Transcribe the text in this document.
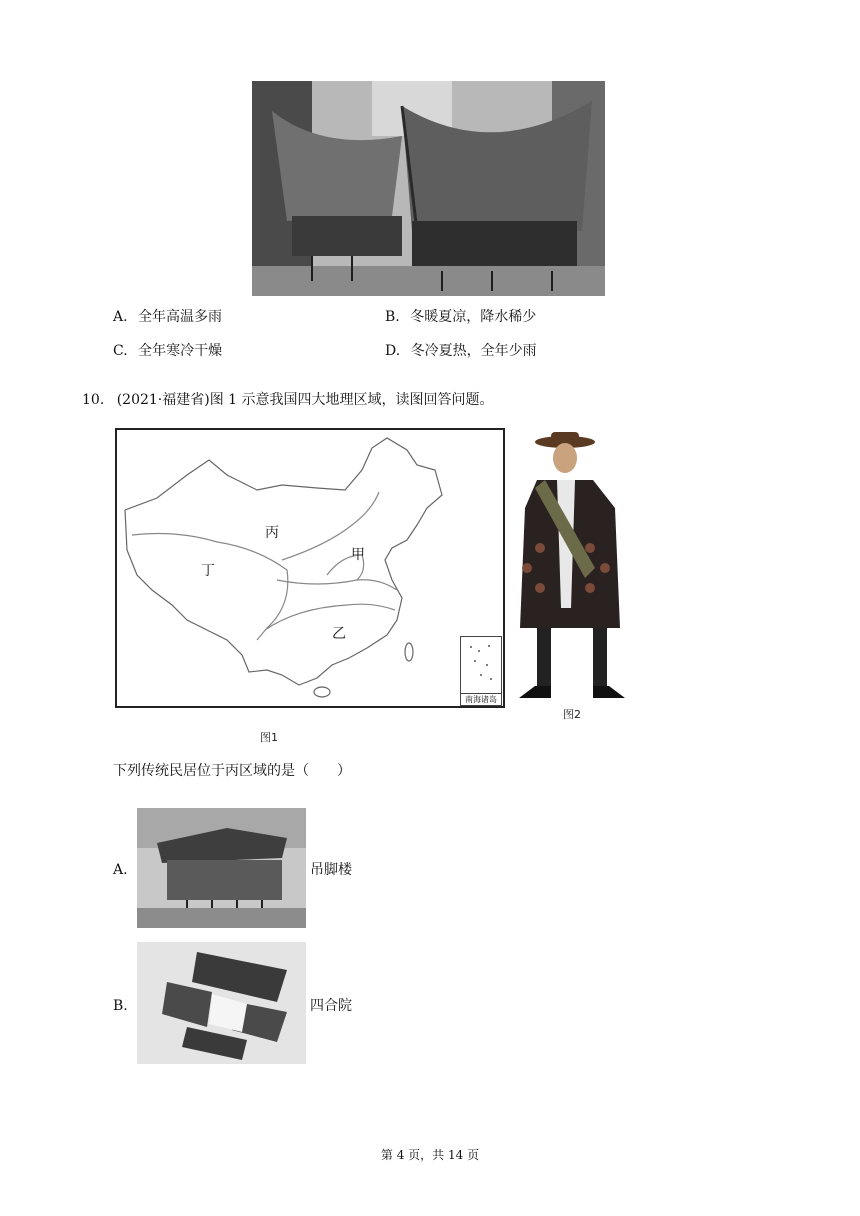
A. 全年高温多雨	B. 冬暖夏凉，降水稀少
C. 全年寒冷干燥	D. 冬冷夏热，全年少雨
10. (2021·福建省)图 1 示意我国四大地理区域，读图回答问题。
丙
甲
丁
乙
南海诸岛
图1
图2
下列传统民居位于丙区域的是（　　）
A.	吊脚楼
B.	四合院
第 4 页，共 14 页
